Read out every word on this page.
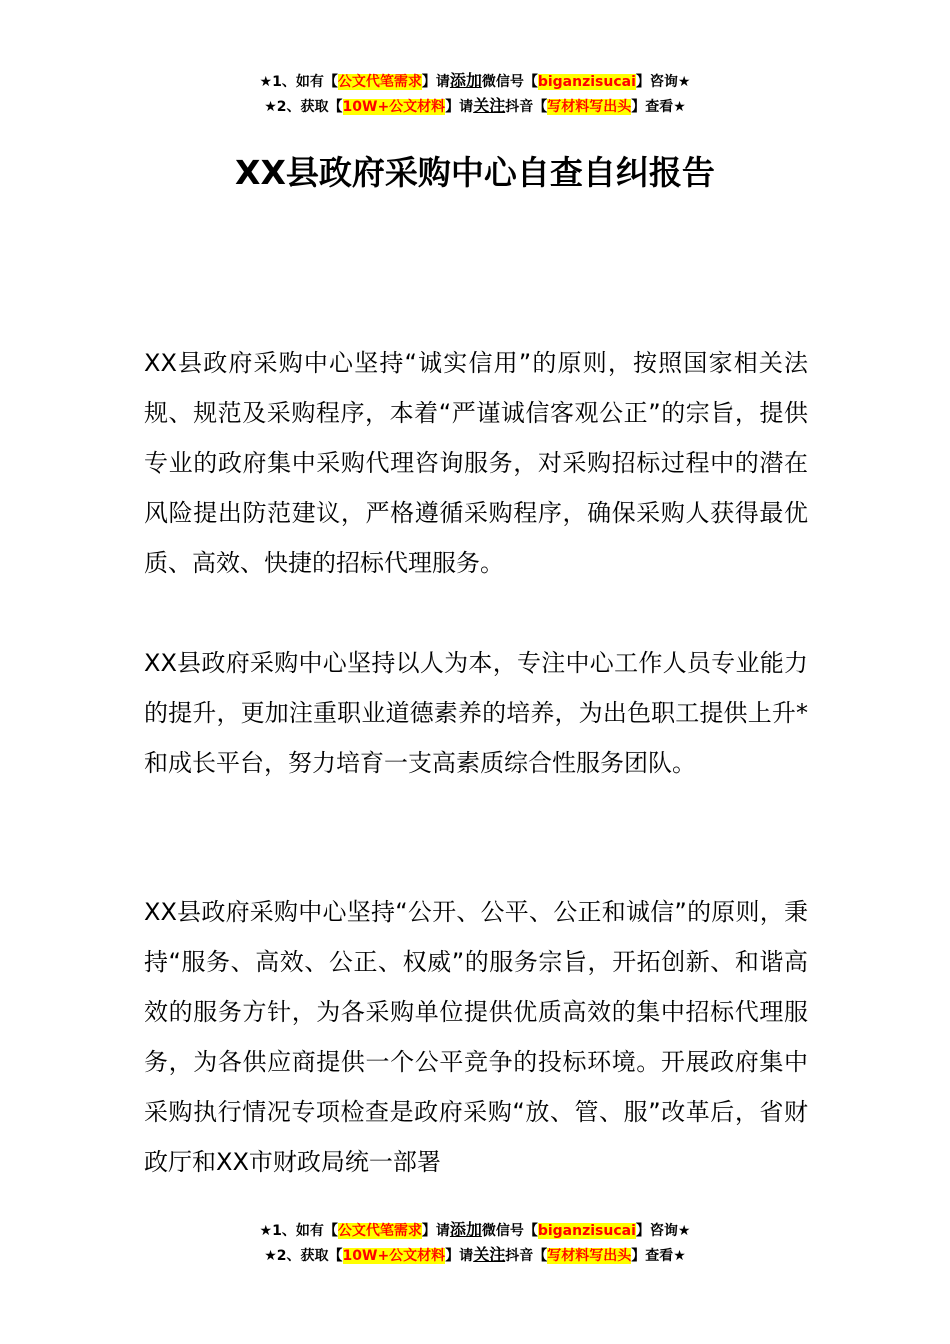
★1、如有【公文代笔需求】请添加微信号【biganzisucai】咨询★
★2、获取【10W+公文材料】请关注抖音【写材料写出头】查看★
XX县政府采购中心自查自纠报告

XX县政府采购中心坚持“诚实信用”的原则，按照国家相关法规、规范及采购程序，本着“严谨诚信客观公正”的宗旨，提供专业的政府集中采购代理咨询服务，对采购招标过程中的潜在风险提出防范建议，严格遵循采购程序，确保采购人获得最优质、高效、快捷的招标代理服务。

XX县政府采购中心坚持以人为本，专注中心工作人员专业能力的提升，更加注重职业道德素养的培养，为出色职工提供上升*和成长平台，努力培育一支高素质综合性服务团队。

XX县政府采购中心坚持“公开、公平、公正和诚信”的原则，秉持“服务、高效、公正、权威”的服务宗旨，开拓创新、和谐高效的服务方针，为各采购单位提供优质高效的集中招标代理服务，为各供应商提供一个公平竞争的投标环境。开展政府集中采购执行情况专项检查是政府采购“放、管、服”改革后，省财政厅和XX市财政局统一部署

★1、如有【公文代笔需求】请添加微信号【biganzisucai】咨询★
★2、获取【10W+公文材料】请关注抖音【写材料写出头】查看★
